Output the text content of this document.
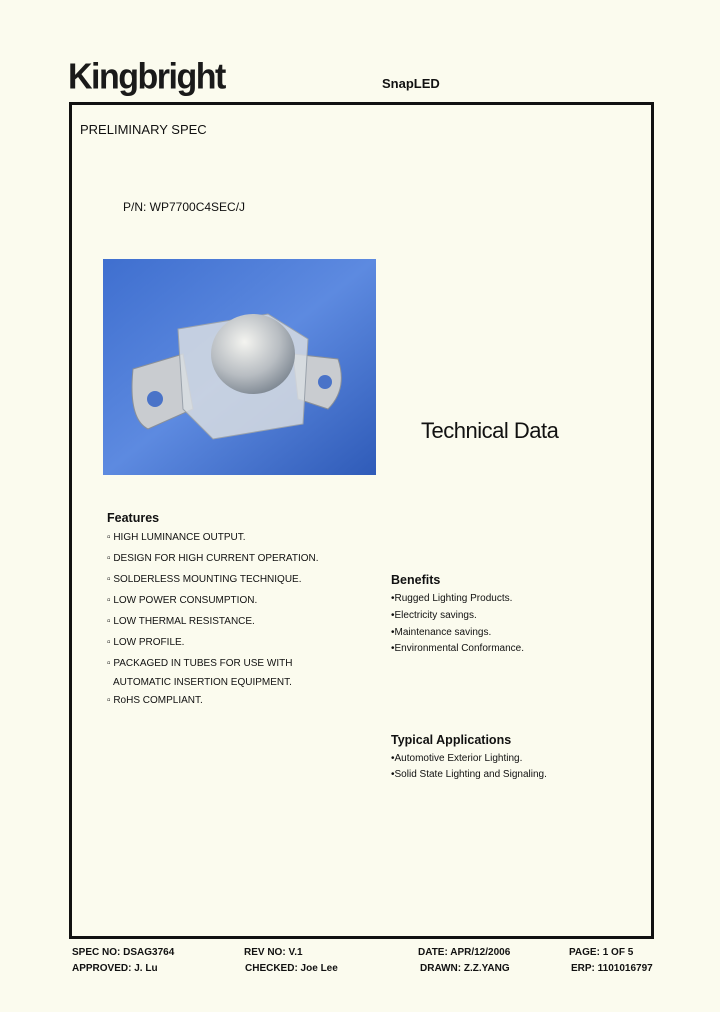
Kingbright	SnapLED
PRELIMINARY SPEC
P/N: WP7700C4SEC/J
Technical Data
Features
▫ HIGH LUMINANCE OUTPUT.
▫ DESIGN FOR HIGH CURRENT OPERATION.
▫ SOLDERLESS MOUNTING TECHNIQUE.
▫ LOW POWER CONSUMPTION.
▫ LOW THERMAL RESISTANCE.
▫ LOW PROFILE.
▫ PACKAGED IN TUBES FOR USE WITH
AUTOMATIC INSERTION EQUIPMENT.
▫ RoHS COMPLIANT.
Benefits
•Rugged Lighting Products.
•Electricity savings.
•Maintenance savings.
•Environmental Conformance.
Typical Applications
•Automotive Exterior Lighting.
•Solid State Lighting and Signaling.
SPEC NO: DSAG3764	REV NO: V.1	DATE: APR/12/2006	PAGE: 1 OF 5
APPROVED: J. Lu	CHECKED: Joe Lee	DRAWN: Z.Z.YANG	ERP: 1101016797
